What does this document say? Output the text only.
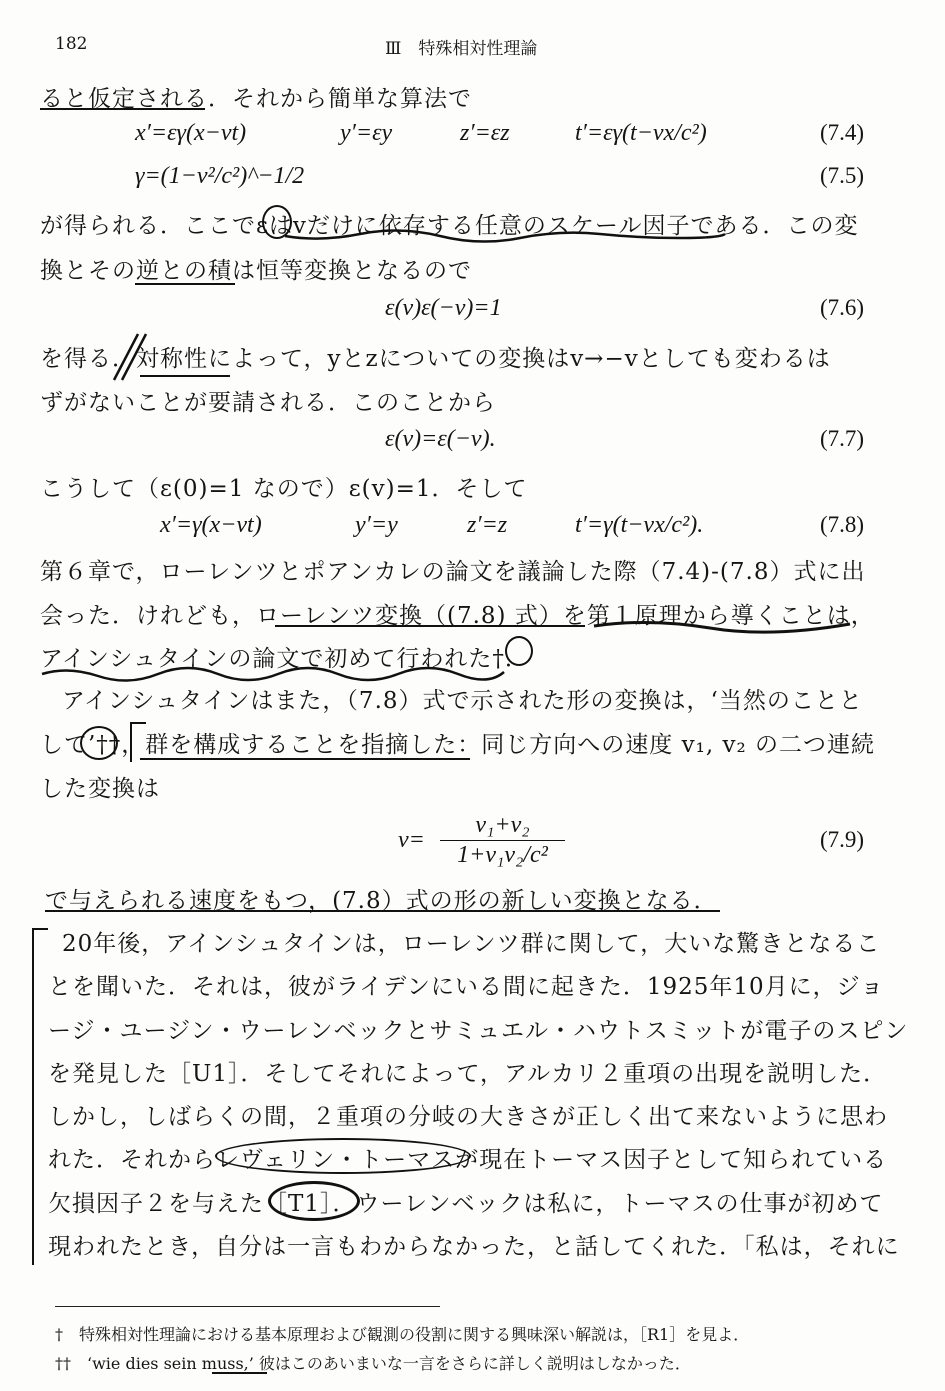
182	Ⅲ　特殊相対性理論
ると仮定される．それから簡単な算法で
x′=εγ(x−vt)	y′=εy	z′=εz	t′=εγ(t−vx/c²)	(7.4)
γ=(1−v²/c²)^−1/2	(7.5)
が得られる．ここでεはvだけに依存する任意のスケール因子である．この変
換とその逆との積は恒等変換となるので
ε(v)ε(−v)=1	(7.6)
を得る．対称性によって，yとzについての変換はv→−vとしても変わるは
ずがないことが要請される．このことから
ε(v)=ε(−v).	(7.7)
こうして（ε(0)=1 なので）ε(v)=1．そして
x′=γ(x−vt)	y′=y	z′=z	t′=γ(t−vx/c²).	(7.8)
第６章で，ローレンツとポアンカレの論文を議論した際（7.4)-(7.8）式に出
会った．けれども，ローレンツ変換（(7.8) 式）を第１原理から導くことは，
アインシュタインの論文で初めて行われた†．
アインシュタインはまた，（7.8）式で示された形の変換は，‘当然のことと
して’††，群を構成することを指摘した：同じ方向への速度 v₁, v₂ の二つ連続
した変換は
v=
v₁+v₂
1+v₁v₂/c²
(7.9)
で与えられる速度をもつ，(7.8）式の形の新しい変換となる．
20年後，アインシュタインは，ローレンツ群に関して，大いな驚きとなるこ
とを聞いた．それは，彼がライデンにいる間に起きた．1925年10月に，ジョ
ージ・ユージン・ウーレンベックとサミュエル・ハウトスミットが電子のスピン
を発見した［U1］．そしてそれによって，アルカリ２重項の出現を説明した．
しかし，しばらくの間，２重項の分岐の大きさが正しく出て来ないように思わ
れた．それからレヴェリン・トーマスが現在トーマス因子として知られている
欠損因子２を与えた［T1］．ウーレンベックは私に，トーマスの仕事が初めて
現われたとき，自分は一言もわからなかった，と話してくれた．「私は，それに
†　特殊相対性理論における基本原理および観測の役割に関する興味深い解説は，［R1］を見よ．
††　‘wie dies sein muss,’ 彼はこのあいまいな一言をさらに詳しく説明はしなかった．
